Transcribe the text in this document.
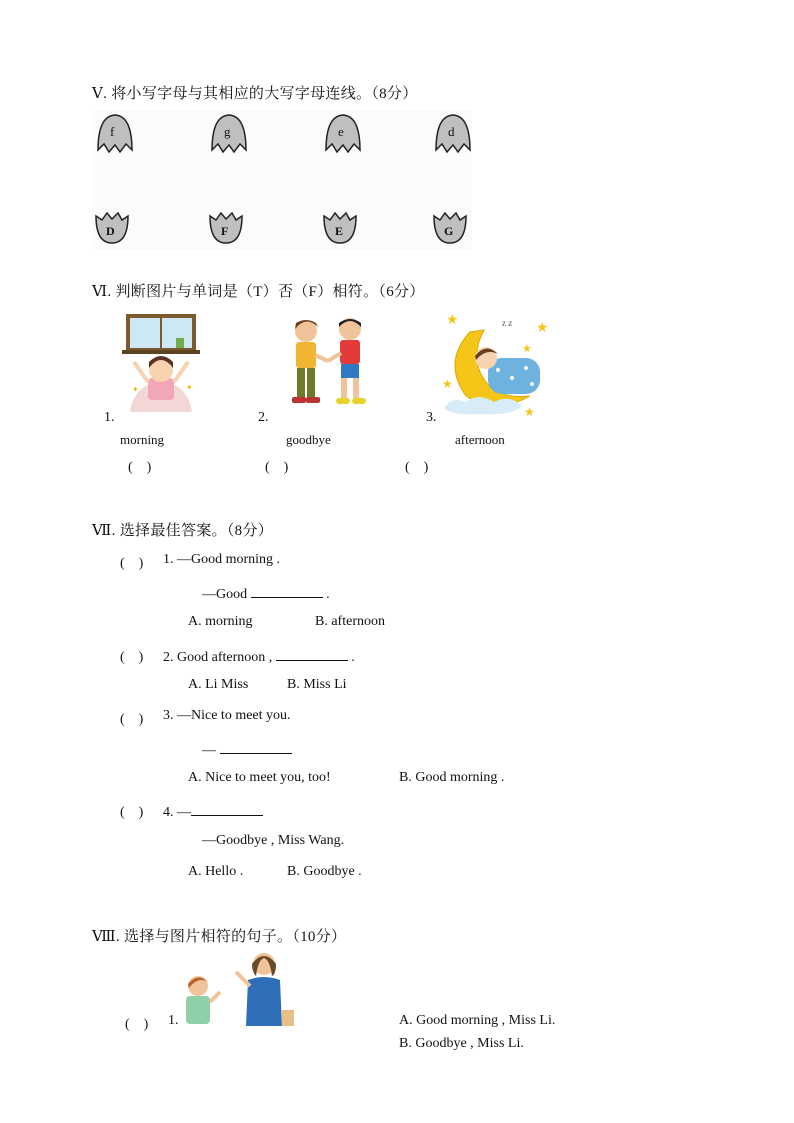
Ⅴ. 将小写字母与其相应的大写字母连线。（8分）
f	g	e	d
D	F	E	G
Ⅵ. 判断图片与单词是（T）否（F）相符。（6分）
✦	✦
z z
★
★
★
★
★
1.	2.	3.
morning	goodbye	afternoon
(　)	(　)	(　)
Ⅶ. 选择最佳答案。（8分）
(　) 1. —Good morning .
—Good	.
A. morning	B. afternoon
(　) 2. Good afternoon ,	.
A. Li Miss	B. Miss Li
(　) 3. —Nice to meet you.
—
A. Nice to meet you, too!	B. Good morning .
(　) 4. —
—Goodbye , Miss Wang.
A. Hello .	B. Goodbye .
Ⅷ. 选择与图片相符的句子。（10分）
(　) 1.	A. Good morning , Miss Li.
B. Goodbye , Miss Li.
